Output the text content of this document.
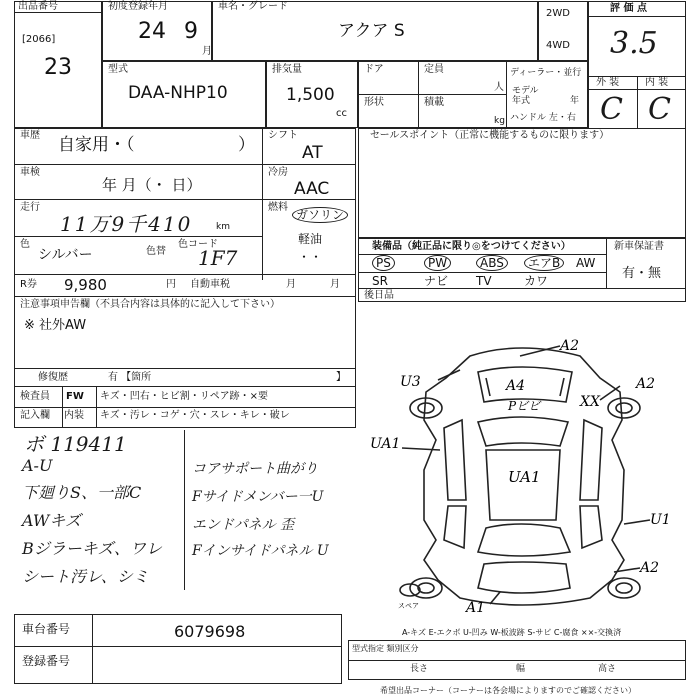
出品番号
[2066]
23
初度登録年月
24 9
月
車名・グレード
アクア S
2WD
4WD
評 価 点
3.5
外 装	内 装
C C
型式
DAA-NHP10
排気量
1,500
cc
ドア	定員
人
形状	積載
kg
ディーラー・並行
モデル
年式	年
ハンドル 左・右
車歴 自家用・（	） シフト
AT
車検
年 月（・ 日）
冷房
AAC
走行
11万9千410	km
燃料
ガソリン
軽油
・・
色
シルバー	色替
色コード
1F7
R券 9,980	円 自動車税	月	月
注意事項申告欄（不具合内容は具体的に記入して下さい）
※ 社外AW
修復歴	有 【箇所	】
検査員 FW キズ・凹右・ヒビ割・リペア跡・×要
記入欄 内装 キズ・汚レ・コゲ・穴・スレ・キレ・破レ
セールスポイント（正常に機能するものに限ります）
装備品（純正品に限り◎をつけてください）	新車保証書
有・無
後日品
PS	PW	ABS	エアB	AW
SR	ナビ TV	カワ
ボ 119411
A-U
下廻りS、一部C
AWキズ
Bジラーキズ、ワレ
シート汚レ、シミ
コアサポート曲がり
Fサイドメンバー一U
エンドパネル 歪
Fインサイドパネル U
A2
U3	A4
Pビビ	XX
A2
UA1
UA1
U1
A2
A1
スペア
車台番号	6079698
登録番号
A-キズ E-エクボ U-凹み W-板波跡 S-サビ C-腐食 ××-交換済
型式指定 類別区分
長さ	幅	高さ
希望出品コーナー（コーナーは各会場によりますのでご確認ください）
